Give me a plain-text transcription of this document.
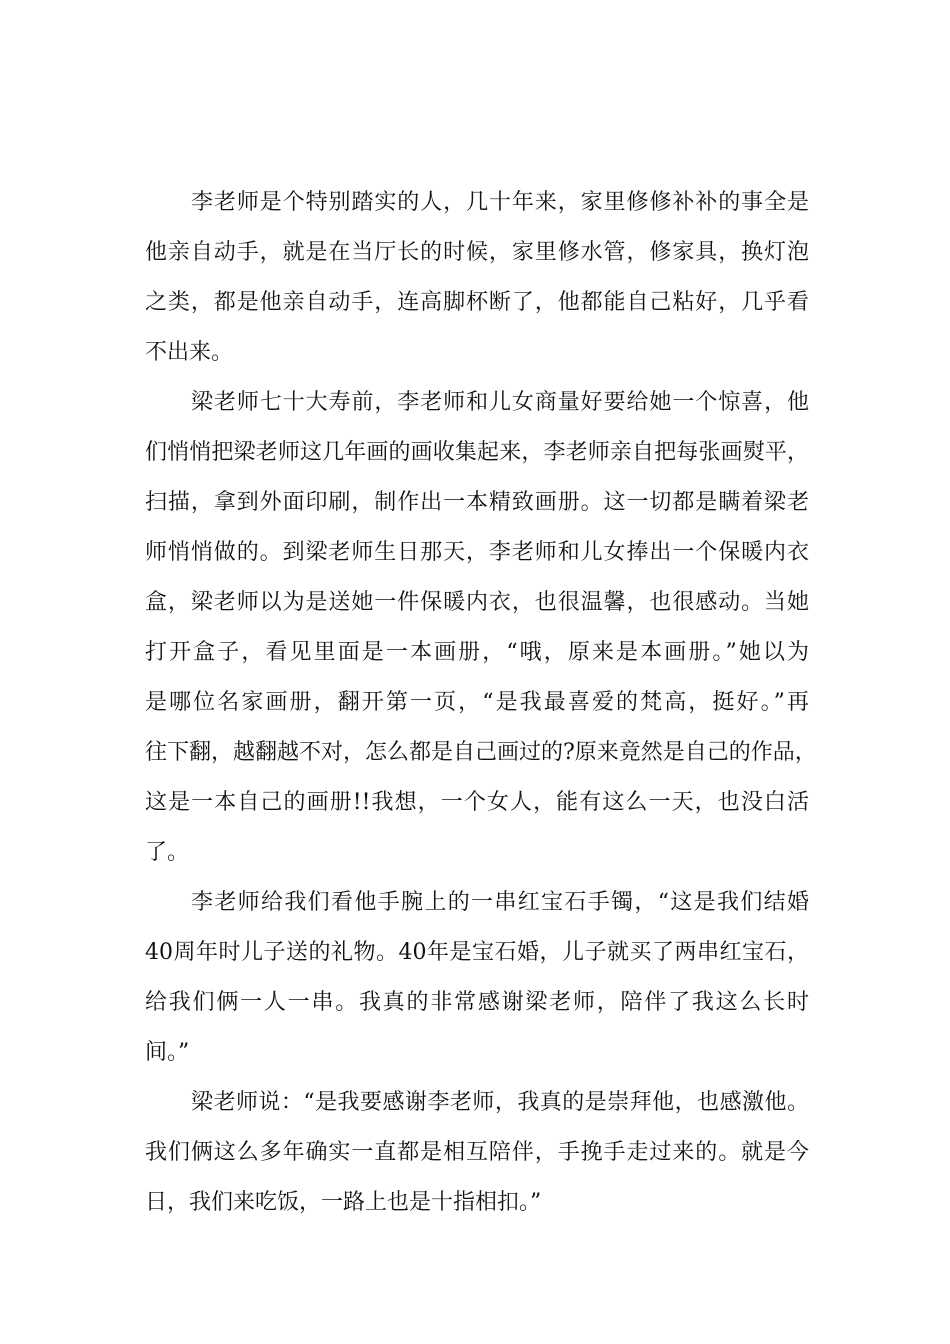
李老师是个特别踏实的人，几十年来，家里修修补补的事全是
他亲自动手，就是在当厅长的时候，家里修水管，修家具，换灯泡
之类，都是他亲自动手，连高脚杯断了，他都能自己粘好，几乎看
不出来。
梁老师七十大寿前，李老师和儿女商量好要给她一个惊喜，他
们悄悄把梁老师这几年画的画收集起来，李老师亲自把每张画熨平，
扫描，拿到外面印刷，制作出一本精致画册。这一切都是瞒着梁老
师悄悄做的。到梁老师生日那天，李老师和儿女捧出一个保暖内衣
盒，梁老师以为是送她一件保暖内衣，也很温馨，也很感动。当她
打开盒子，看见里面是一本画册，“哦，原来是本画册。”她以为
是哪位名家画册，翻开第一页，“是我最喜爱的梵高，挺好。”再
往下翻，越翻越不对，怎么都是自己画过的?原来竟然是自己的作品，
这是一本自己的画册!!我想，一个女人，能有这么一天，也没白活
了。
李老师给我们看他手腕上的一串红宝石手镯，“这是我们结婚
40周年时儿子送的礼物。40年是宝石婚，儿子就买了两串红宝石，
给我们俩一人一串。我真的非常感谢梁老师，陪伴了我这么长时
间。”
梁老师说：“是我要感谢李老师，我真的是崇拜他，也感激他。
我们俩这么多年确实一直都是相互陪伴，手挽手走过来的。就是今
日，我们来吃饭，一路上也是十指相扣。”
